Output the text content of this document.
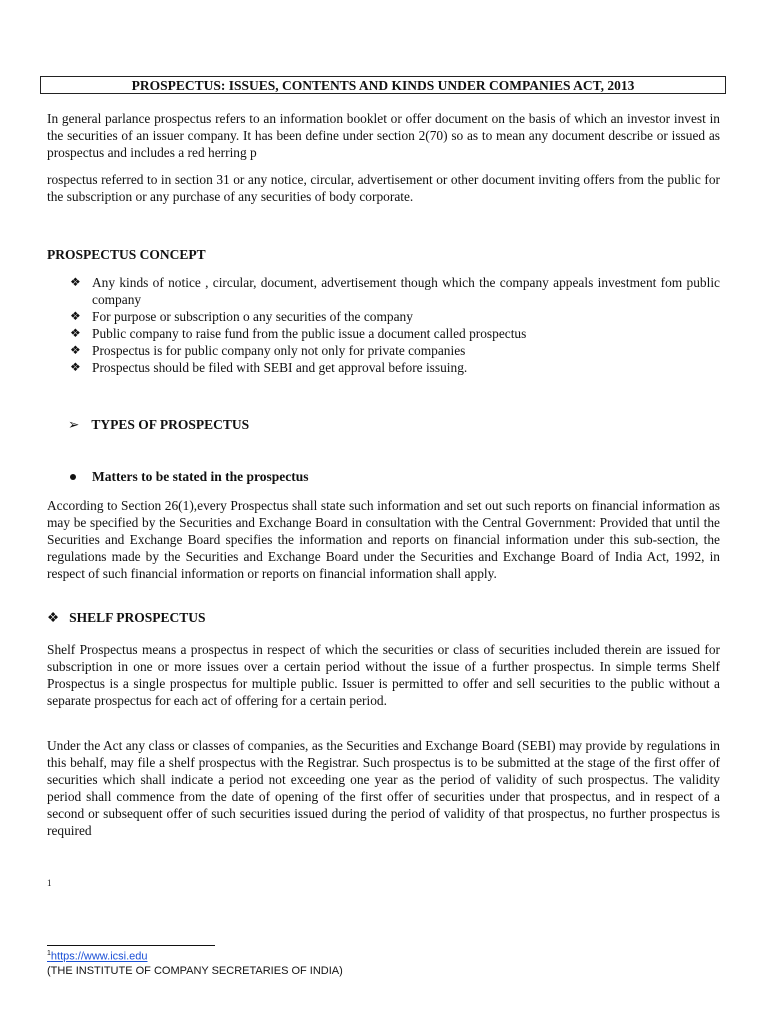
PROSPECTUS: ISSUES, CONTENTS AND KINDS UNDER COMPANIES ACT, 2013

In general parlance prospectus refers to an information booklet or offer document on the basis of which an investor invest in the securities of an issuer company. It has been define under section 2(70) so as to mean any document describe or issued as prospectus and includes a red herring p

rospectus referred to in section 31 or any notice, circular, advertisement or other document inviting offers from the public for the subscription or any purchase of any securities of body corporate.

PROSPECTUS CONCEPT

❖ Any kinds of notice , circular, document, advertisement though which the company appeals investment fom public company
❖ For purpose or subscription o any securities of the company
❖ Public company to raise fund from the public issue a document called prospectus
❖ Prospectus is for public company only not only for private companies
❖ Prospectus should be filed with SEBI and get approval before issuing.
➢ TYPES OF PROSPECTUS
Matters to be stated in the prospectus

According to Section 26(1),every Prospectus shall state such information and set out such reports on financial information as may be specified by the Securities and Exchange Board in consultation with the Central Government: Provided that until the Securities and Exchange Board specifies the information and reports on financial information under this sub-section, the regulations made by the Securities and Exchange Board under the Securities and Exchange Board of India Act, 1992, in respect of such financial information or reports on financial information shall apply.

❖ SHELF PROSPECTUS

Shelf Prospectus means a prospectus in respect of which the securities or class of securities included therein are issued for subscription in one or more issues over a certain period without the issue of a further prospectus. In simple terms Shelf Prospectus is a single prospectus for multiple public. Issuer is permitted to offer and sell securities to the public without a separate prospectus for each act of offering for a certain period.

Under the Act any class or classes of companies, as the Securities and Exchange Board (SEBI) may provide by regulations in this behalf, may file a shelf prospectus with the Registrar. Such prospectus is to be submitted at the stage of the first offer of securities which shall indicate a period not exceeding one year as the period of validity of such prospectus. The validity period shall commence from the date of opening of the first offer of securities under that prospectus, and in respect of a second or subsequent offer of such securities issued during the period of validity of that prospectus, no further prospectus is required

1
$^1$https://www.icsi.edu
(THE INSTITUTE OF COMPANY SECRETARIES OF INDIA)
